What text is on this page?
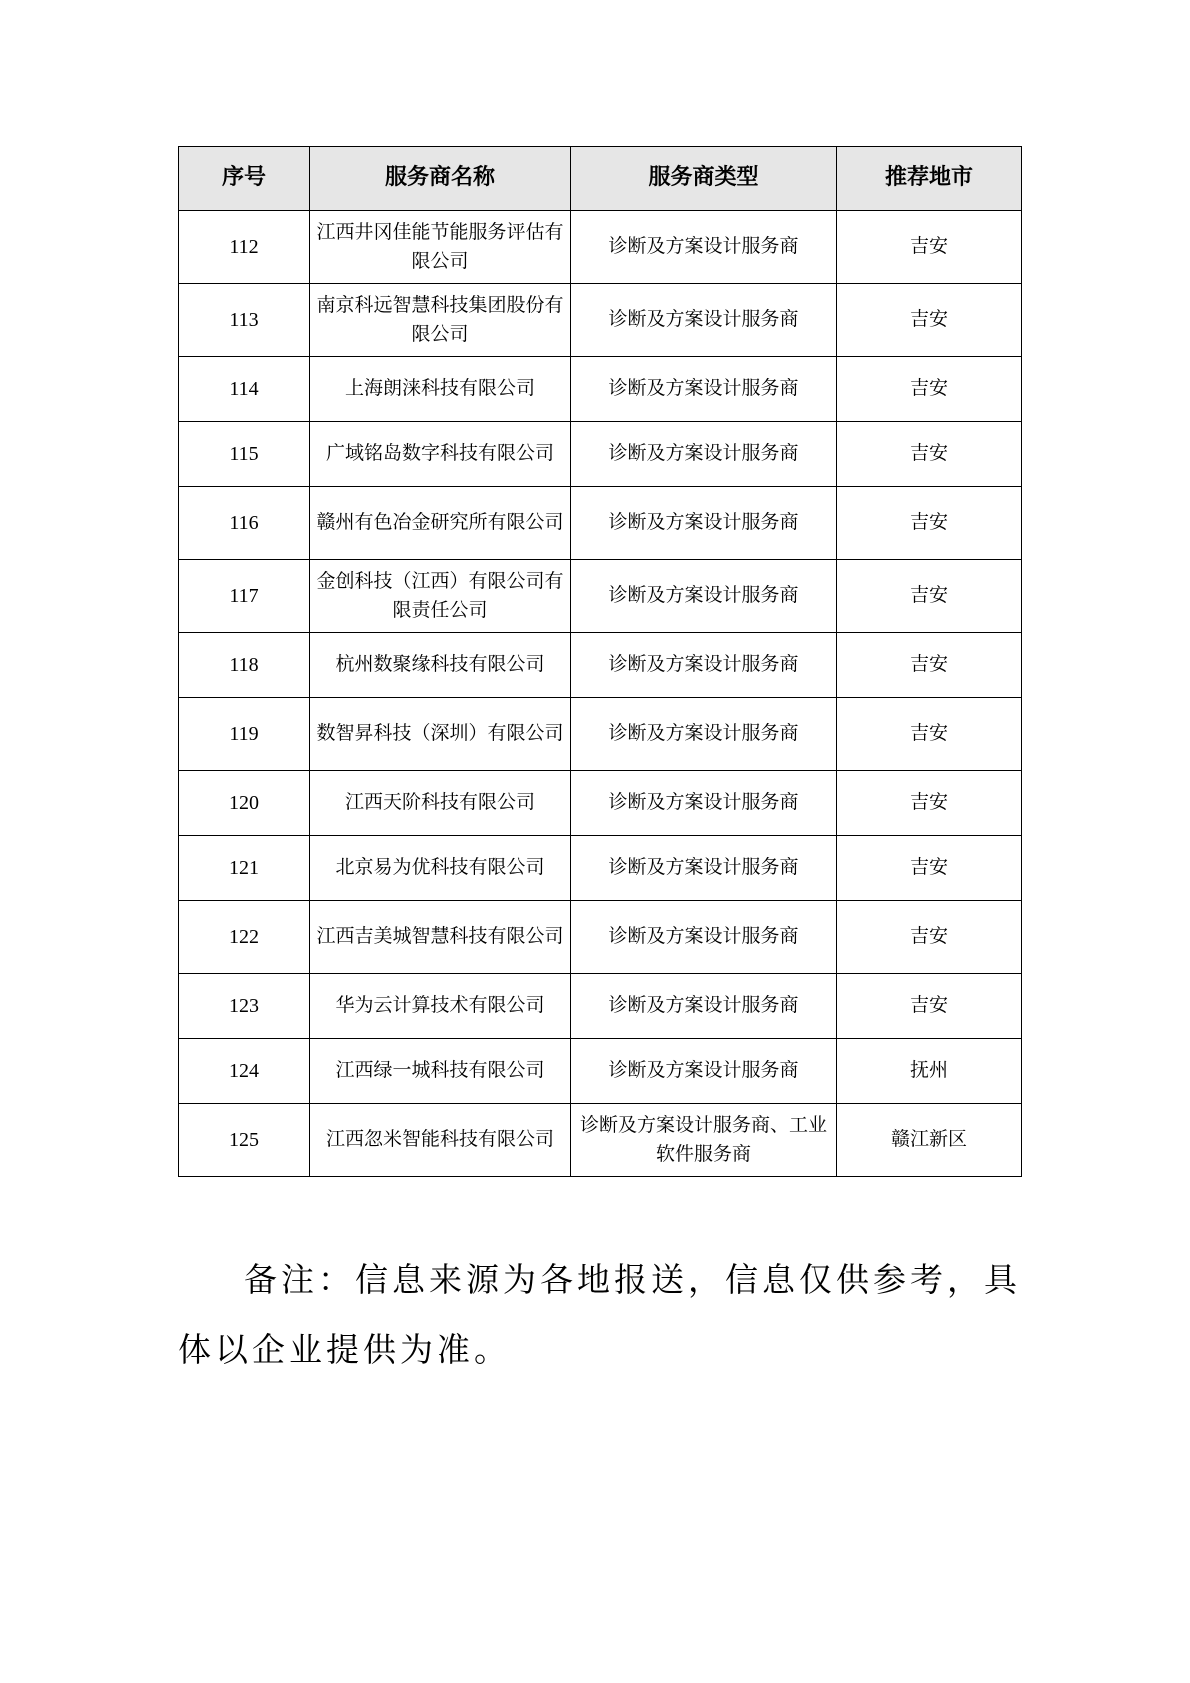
序号	服务商名称	服务商类型	推荐地市
112	江西井冈佳能节能服务评估有限公司	诊断及方案设计服务商	吉安
113	南京科远智慧科技集团股份有限公司	诊断及方案设计服务商	吉安
114	上海朗涞科技有限公司	诊断及方案设计服务商	吉安
115	广域铭岛数字科技有限公司	诊断及方案设计服务商	吉安
116	赣州有色冶金研究所有限公司	诊断及方案设计服务商	吉安
117	金创科技（江西）有限公司有限责任公司	诊断及方案设计服务商	吉安
118	杭州数聚缘科技有限公司	诊断及方案设计服务商	吉安
119	数智昇科技（深圳）有限公司	诊断及方案设计服务商	吉安
120	江西天阶科技有限公司	诊断及方案设计服务商	吉安
121	北京易为优科技有限公司	诊断及方案设计服务商	吉安
122	江西吉美城智慧科技有限公司	诊断及方案设计服务商	吉安
123	华为云计算技术有限公司	诊断及方案设计服务商	吉安
124	江西绿一城科技有限公司	诊断及方案设计服务商	抚州
125	江西忽米智能科技有限公司	诊断及方案设计服务商、工业软件服务商	赣江新区

备注：信息来源为各地报送，信息仅供参考，具体以企业提供为准。
